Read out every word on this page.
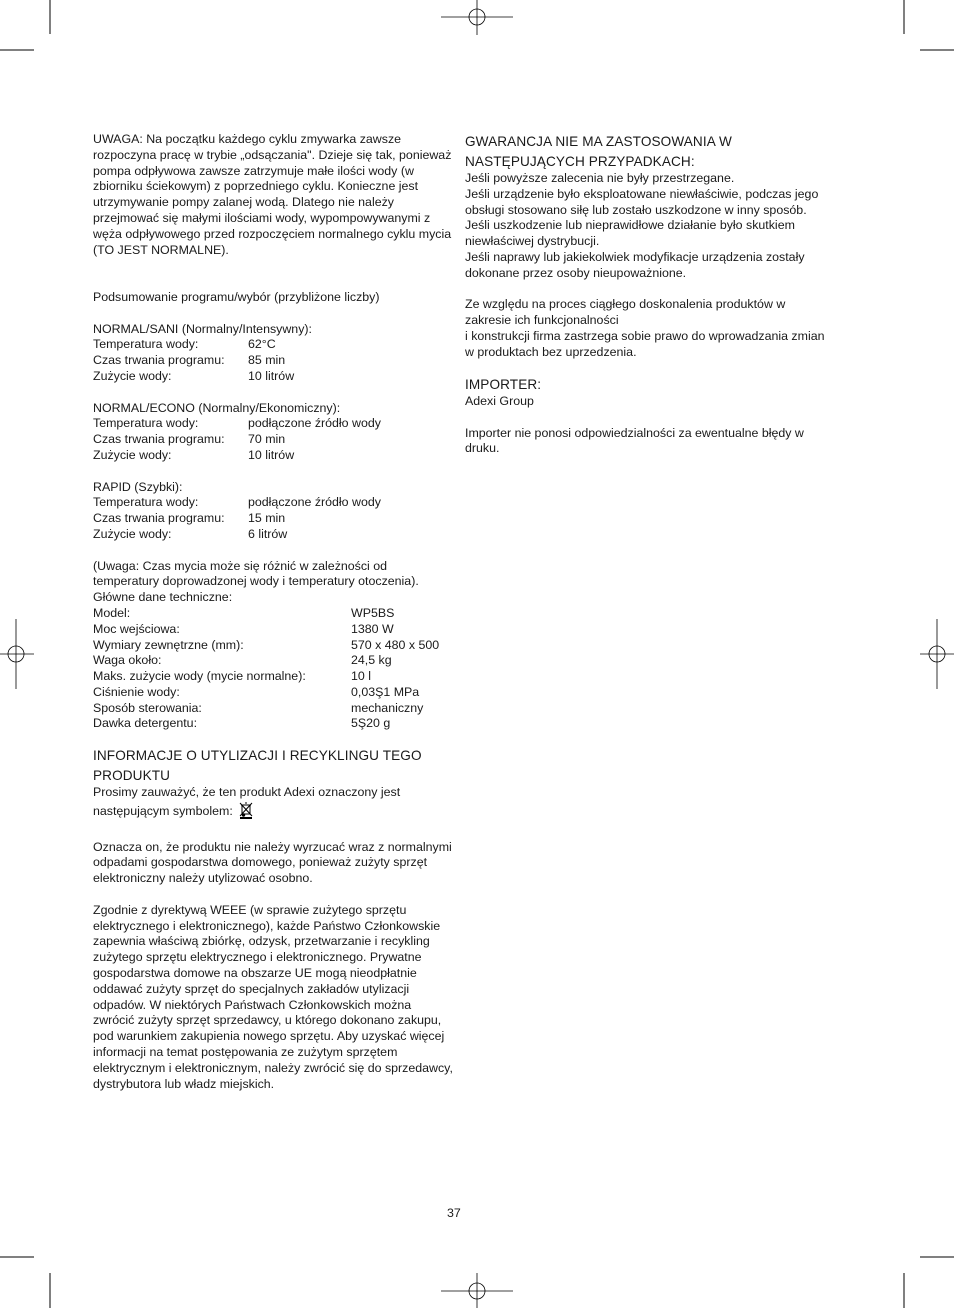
UWAGA: Na początku każdego cyklu zmywarka zawsze rozpoczyna pracę w trybie „odsączania". Dzieje się tak, ponieważ pompa odpływowa zawsze zatrzymuje małe ilości wody (w zbiorniku ściekowym) z poprzedniego cyklu. Konieczne jest utrzymywanie pompy zalanej wodą. Dlatego nie należy przejmować się małymi ilościami wody, wypompowywanymi z węża odpływowego przed rozpoczęciem normalnego cyklu mycia (TO JEST NORMALNE).

Podsumowanie programu/wybór (przybliżone liczby)

NORMAL/SANI (Normalny/Intensywny):

Temperatura wody:	62°C
Czas trwania programu:	85 min
Zużycie wody:	10 litrów

NORMAL/ECONO (Normalny/Ekonomiczny):

Temperatura wody:	podłączone źródło wody
Czas trwania programu:	70 min
Zużycie wody:	10 litrów

RAPID (Szybki):

Temperatura wody:	podłączone źródło wody
Czas trwania programu:	15 min
Zużycie wody:	6 litrów

(Uwaga: Czas mycia może się różnić w zależności od temperatury doprowadzonej wody i temperatury otoczenia).

Główne dane techniczne:

Model:	WP5BS
Moc wejściowa:	1380 W
Wymiary zewnętrzne (mm):	570 x 480 x 500
Waga około:	24,5 kg
Maks. zużycie wody (mycie normalne):	10 l
Ciśnienie wody:	0,03Ş1 MPa
Sposób sterowania:	mechaniczny
Dawka detergentu:	5Ş20 g

INFORMACJE O UTYLIZACJI I RECYKLINGU TEGO PRODUKTU

Prosimy zauważyć, że ten produkt Adexi oznaczony jest następującym symbolem:

Oznacza on, że produktu nie należy wyrzucać wraz z normalnymi odpadami gospodarstwa domowego, ponieważ zużyty sprzęt elektroniczny należy utylizować osobno.

Zgodnie z dyrektywą WEEE (w sprawie zużytego sprzętu elektrycznego i elektronicznego), każde Państwo Członkowskie zapewnia właściwą zbiórkę, odzysk, przetwarzanie i recykling zużytego sprzętu elektrycznego i elektronicznego. Prywatne gospodarstwa domowe na obszarze UE mogą nieodpłatnie oddawać zużyty sprzęt do specjalnych zakładów utylizacji odpadów. W niektórych Państwach Członkowskich można zwrócić zużyty sprzęt sprzedawcy, u którego dokonano zakupu, pod warunkiem zakupienia nowego sprzętu. Aby uzyskać więcej informacji na temat postępowania ze zużytym sprzętem elektrycznym i elektronicznym, należy zwrócić się do sprzedawcy, dystrybutora lub władz miejskich.

GWARANCJA NIE MA ZASTOSOWANIA W NASTĘPUJĄCYCH PRZYPADKACH:

Jeśli powyższe zalecenia nie były przestrzegane.

Jeśli urządzenie było eksploatowane niewłaściwie, podczas jego obsługi stosowano siłę lub zostało uszkodzone w inny sposób.

Jeśli uszkodzenie lub nieprawidłowe działanie było skutkiem niewłaściwej dystrybucji.

Jeśli naprawy lub jakiekolwiek modyfikacje urządzenia zostały dokonane przez osoby nieupoważnione.

Ze względu na proces ciągłego doskonalenia produktów w zakresie ich funkcjonalności

i konstrukcji firma zastrzega sobie prawo do wprowadzania zmian w produktach bez uprzedzenia.

IMPORTER:

Adexi Group

Importer nie ponosi odpowiedzialności za ewentualne błędy w druku.

37
